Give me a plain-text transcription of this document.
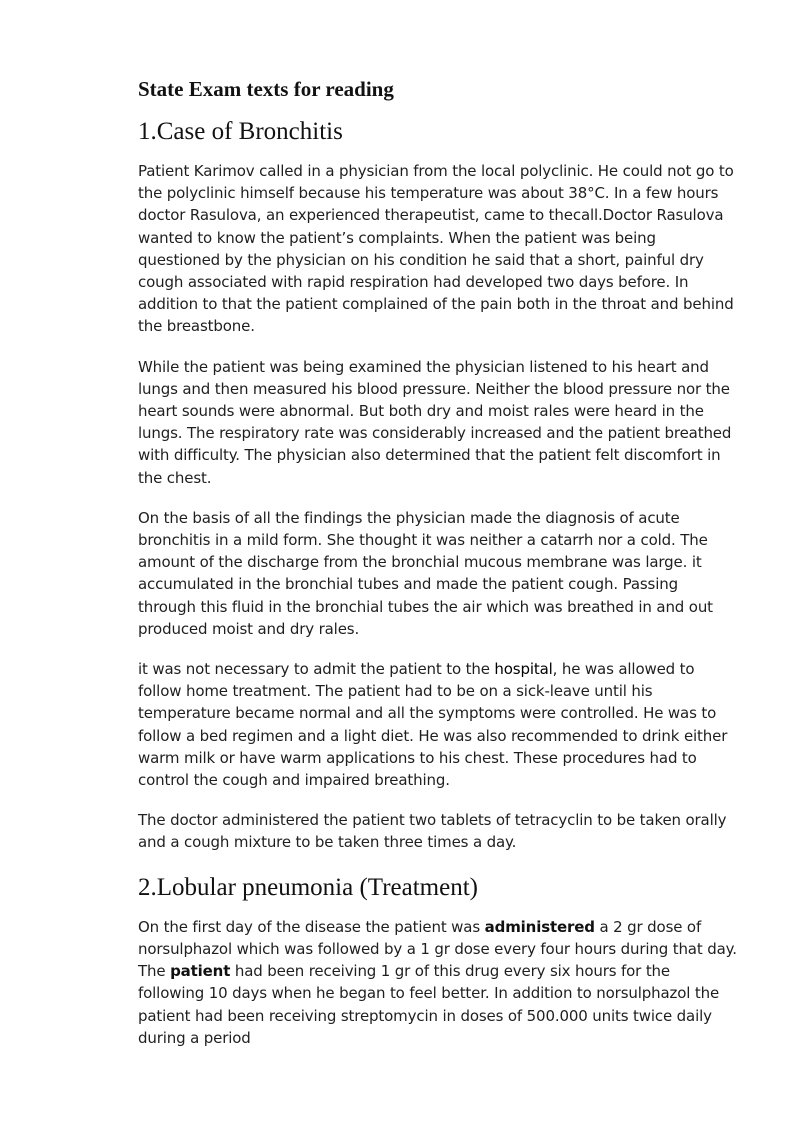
State Exam texts for reading
1.Case of Bronchitis

Patient Karimov called in a physician from the local polyclinic. He could not go to the polyclinic himself because his temperature was about 38°C. In a few hours doctor Rasulova, an experienced therapeutist, came to thecall.Doctor Rasulova wanted to know the patient’s complaints. When the patient was being questioned by the physician on his condition he said that a short, painful dry cough associated with rapid respiration had developed two days before. In addition to that the patient complained of the pain both in the throat and behind the breastbone.

While the patient was being examined the physician listened to his heart and lungs and then measured his blood pressure. Neither the blood pressure nor the heart sounds were abnormal. But both dry and moist rales were heard in the lungs. The respiratory rate was considerably increased and the patient breathed with difficulty. The physician also determined that the patient felt discomfort in the chest.

On the basis of all the findings the physician made the diagnosis of acute bronchitis in a mild form. She thought it was neither a catarrh nor a cold. The amount of the discharge from the bronchial mucous membrane was large. it accumulated in the bronchial tubes and made the patient cough. Passing through this fluid in the bronchial tubes the air which was breathed in and out produced moist and dry rales.

it was not necessary to admit the patient to the hospital, he was allowed to follow home treatment. The patient had to be on a sick-leave until his temperature became normal and all the symptoms were controlled. He was to follow a bed regimen and a light diet. He was also recommended to drink either warm milk or have warm applications to his chest. These procedures had to control the cough and impaired breathing.

The doctor administered the patient two tablets of tetracyclin to be taken orally and a cough mixture to be taken three times a day.

2.Lobular pneumonia (Treatment)

On the first day of the disease the patient was administered a 2 gr dose of norsulphazol which was followed by a 1 gr dose every four hours during that day. The patient had been receiving 1 gr of this drug every six hours for the following 10 days when he began to feel better. In addition to norsulphazol the patient had been receiving streptomycin in doses of 500.000 units twice daily during a period
